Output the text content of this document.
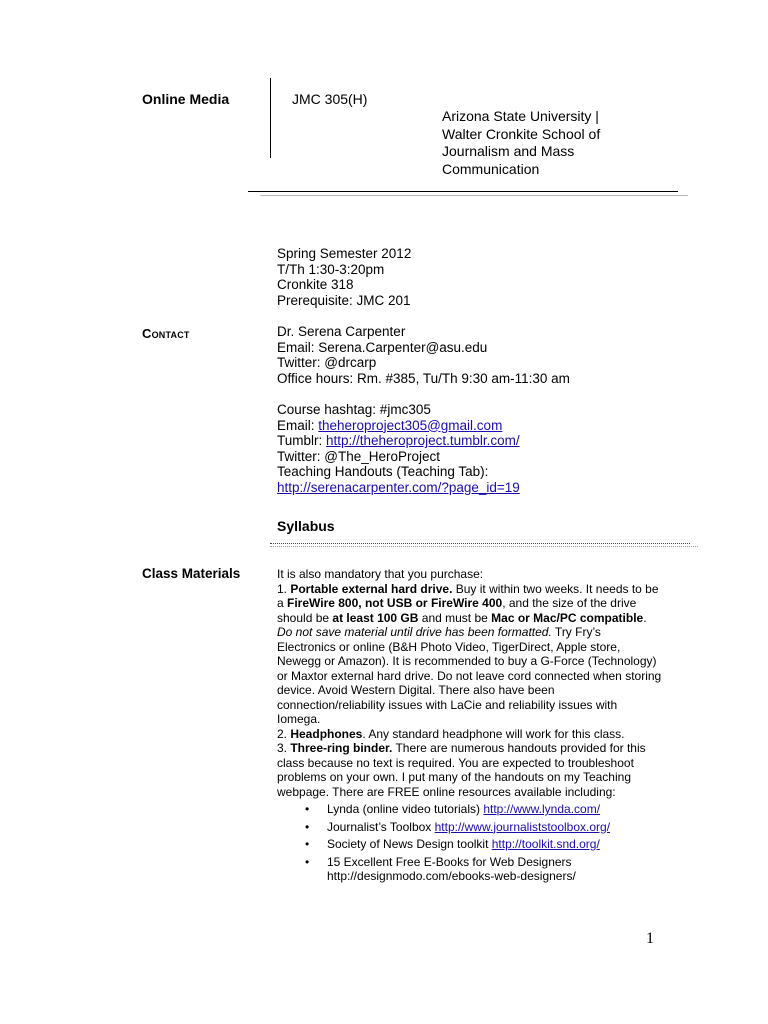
Online Media	JMC 305(H)
Arizona State University |
Walter Cronkite School of
Journalism and Mass
Communication
Spring Semester 2012
T/Th 1:30-3:20pm
Cronkite 318
Prerequisite: JMC 201
CONTACT	Dr. Serena Carpenter
Email: Serena.Carpenter@asu.edu
Twitter: @drcarp
Office hours: Rm. #385, Tu/Th 9:30 am-11:30 am
Course hashtag: #jmc305
Email: theheroproject305@gmail.com
Tumblr: http://theheroproject.tumblr.com/
Twitter: @The_HeroProject
Teaching Handouts (Teaching Tab):
http://serenacarpenter.com/?page_id=19
Syllabus
Class Materials	It is also mandatory that you purchase:
1. Portable external hard drive. Buy it within two weeks. It needs to be a FireWire 800, not USB or FireWire 400, and the size of the drive should be at least 100 GB and must be Mac or Mac/PC compatible. Do not save material until drive has been formatted. Try Fry’s Electronics or online (B&H Photo Video, TigerDirect, Apple store, Newegg or Amazon). It is recommended to buy a G-Force (Technology) or Maxtor external hard drive. Do not leave cord connected when storing device. Avoid Western Digital. There also have been connection/reliability issues with LaCie and reliability issues with Iomega.
2. Headphones. Any standard headphone will work for this class.
3. Three-ring binder. There are numerous handouts provided for this class because no text is required. You are expected to troubleshoot problems on your own. I put many of the handouts on my Teaching webpage. There are FREE online resources available including:
• Lynda (online video tutorials) http://www.lynda.com/
• Journalist’s Toolbox http://www.journaliststoolbox.org/
• Society of News Design toolkit http://toolkit.snd.org/
• 15 Excellent Free E-Books for Web Designers http://designmodo.com/ebooks-web-designers/
1
